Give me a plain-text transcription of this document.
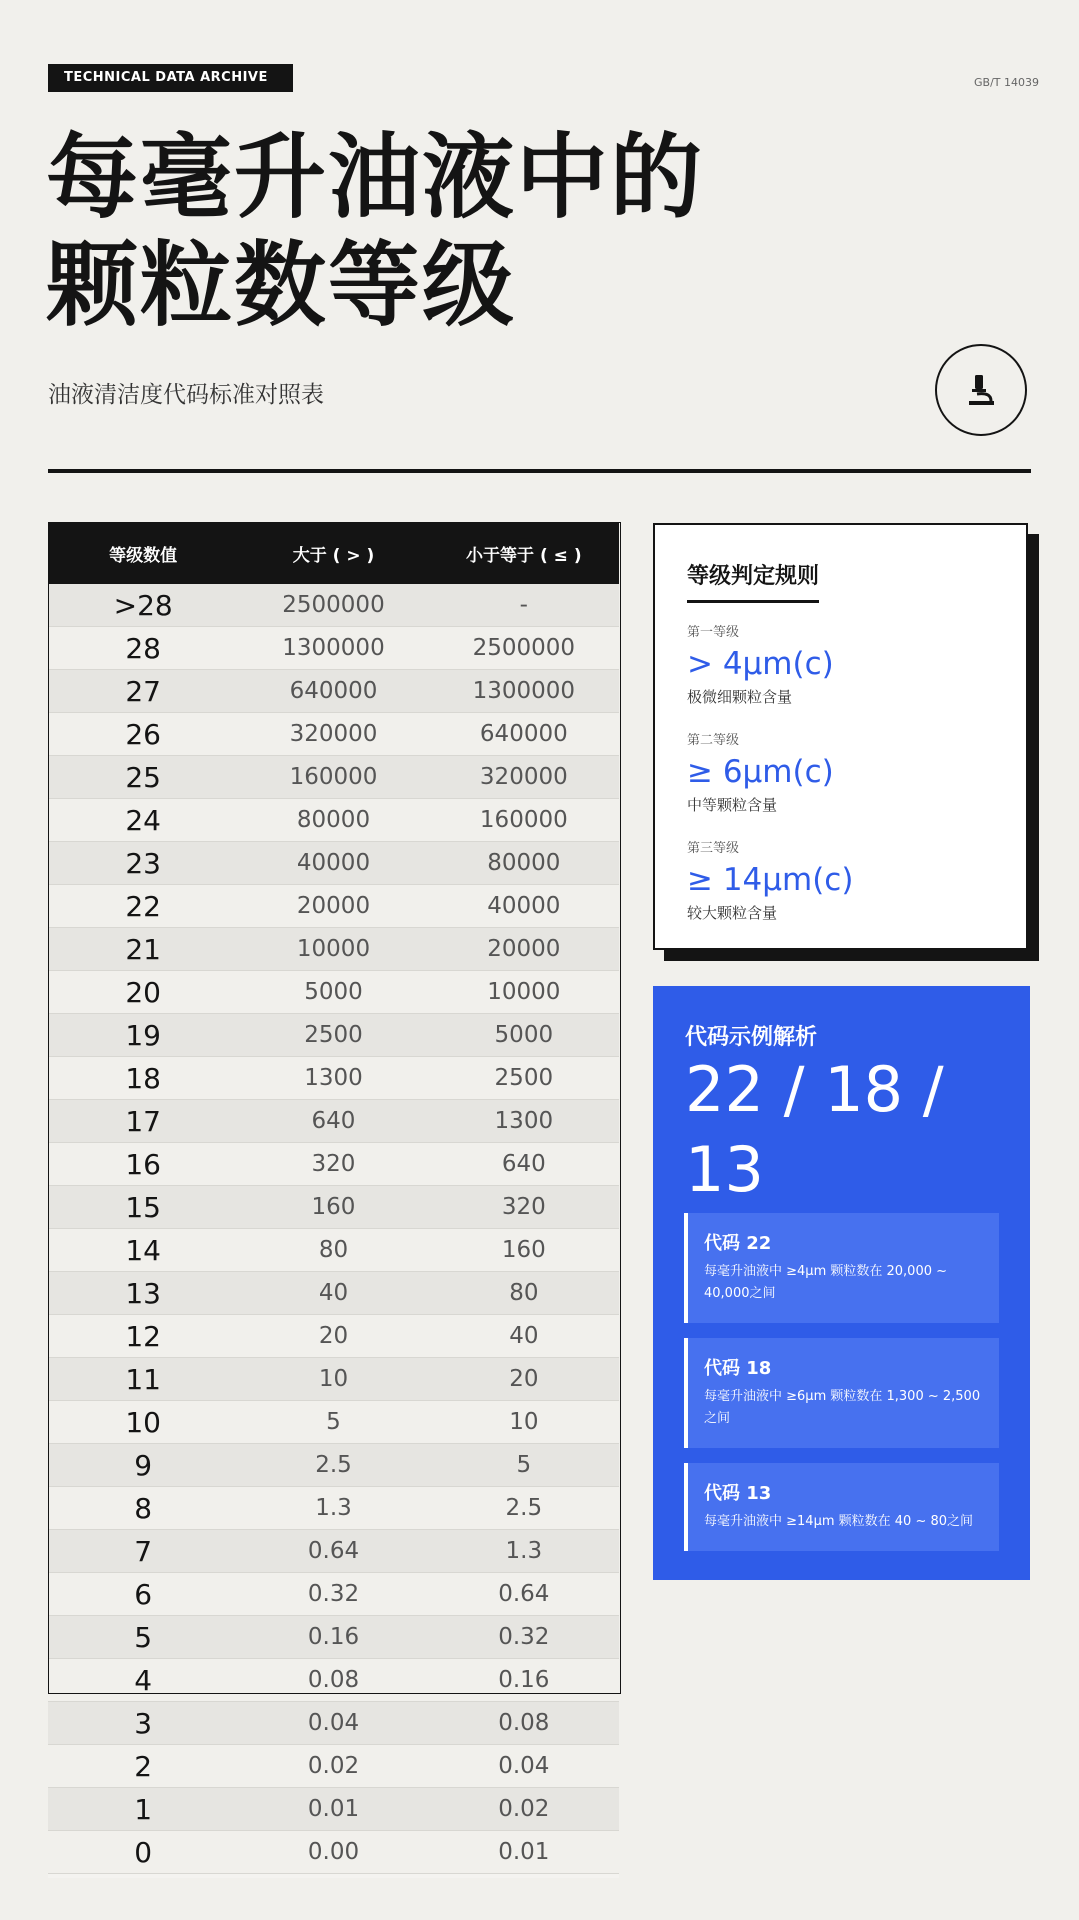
TECHNICAL DATA ARCHIVE	GB/T 14039
每毫升油液中的
颗粒数等级
油液清洁度代码标准对照表
等级数值	大于 ( > )	小于等于 ( ≤ )
>28	2500000	-
28	1300000	2500000
27	640000	1300000
26	320000	640000
25	160000	320000
24	80000	160000
23	40000	80000
22	20000	40000
21	10000	20000
20	5000	10000
19	2500	5000
18	1300	2500
17	640	1300
16	320	640
15	160	320
14	80	160
13	40	80
12	20	40
11	10	20
10	5	10
9	2.5	5
8	1.3	2.5
7	0.64	1.3
6	0.32	0.64
5	0.16	0.32
4	0.08	0.16
3	0.04	0.08
2	0.02	0.04
1	0.01	0.02
0	0.00	0.01
等级判定规则
第一等级
> 4μm(c)
极微细颗粒含量
第二等级
≥ 6μm(c)
中等颗粒含量
第三等级
≥ 14μm(c)
较大颗粒含量
代码示例解析
22 / 18 / 13
代码 22
每毫升油液中 ≥4μm 颗粒数在 20,000 ~ 40,000之间
代码 18
每毫升油液中 ≥6μm 颗粒数在 1,300 ~ 2,500 之间
代码 13
每毫升油液中 ≥14μm 颗粒数在 40 ~ 80之间
